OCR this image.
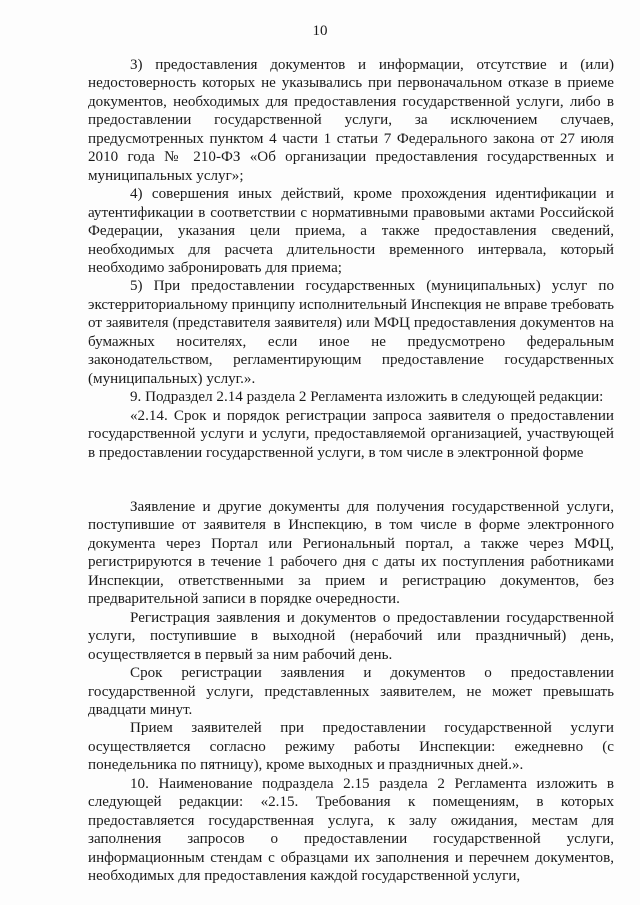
10

3) предоставления документов и информации, отсутствие и (или) недостоверность которых не указывались при первоначальном отказе в приеме документов, необходимых для предоставления государственной услуги, либо в предоставлении государственной услуги, за исключением случаев, предусмотренных пунктом 4 части 1 статьи 7 Федерального закона от 27 июля 2010 года № 210-ФЗ «Об организации предоставления государственных и муниципальных услуг»;

4) совершения иных действий, кроме прохождения идентификации и аутентификации в соответствии с нормативными правовыми актами Российской Федерации, указания цели приема, а также предоставления сведений, необходимых для расчета длительности временного интервала, который необходимо забронировать для приема;

5) При предоставлении государственных (муниципальных) услуг по экстерриториальному принципу исполнительный Инспекция не вправе требовать от заявителя (представителя заявителя) или МФЦ предоставления документов на бумажных носителях, если иное не предусмотрено федеральным законодательством, регламентирующим предоставление государственных (муниципальных) услуг.».

9. Подраздел 2.14 раздела 2 Регламента изложить в следующей редакции:

«2.14. Срок и порядок регистрации запроса заявителя о предоставлении государственной услуги и услуги, предоставляемой организацией, участвующей в предоставлении государственной услуги, в том числе в электронной форме

Заявление и другие документы для получения государственной услуги, поступившие от заявителя в Инспекцию, в том числе в форме электронного документа через Портал или Региональный портал, а также через МФЦ, регистрируются в течение 1 рабочего дня с даты их поступления работниками Инспекции, ответственными за прием и регистрацию документов, без предварительной записи в порядке очередности.

Регистрация заявления и документов о предоставлении государственной услуги, поступившие в выходной (нерабочий или праздничный) день, осуществляется в первый за ним рабочий день.

Срок регистрации заявления и документов о предоставлении государственной услуги, представленных заявителем, не может превышать двадцати минут.

Прием заявителей при предоставлении государственной услуги осуществляется согласно режиму работы Инспекции: ежедневно (с понедельника по пятницу), кроме выходных и праздничных дней.».

10. Наименование подраздела 2.15 раздела 2 Регламента изложить в следующей редакции: «2.15. Требования к помещениям, в которых предоставляется государственная услуга, к залу ожидания, местам для заполнения запросов о предоставлении государственной услуги, информационным стендам с образцами их заполнения и перечнем документов, необходимых для предоставления каждой государственной услуги,
